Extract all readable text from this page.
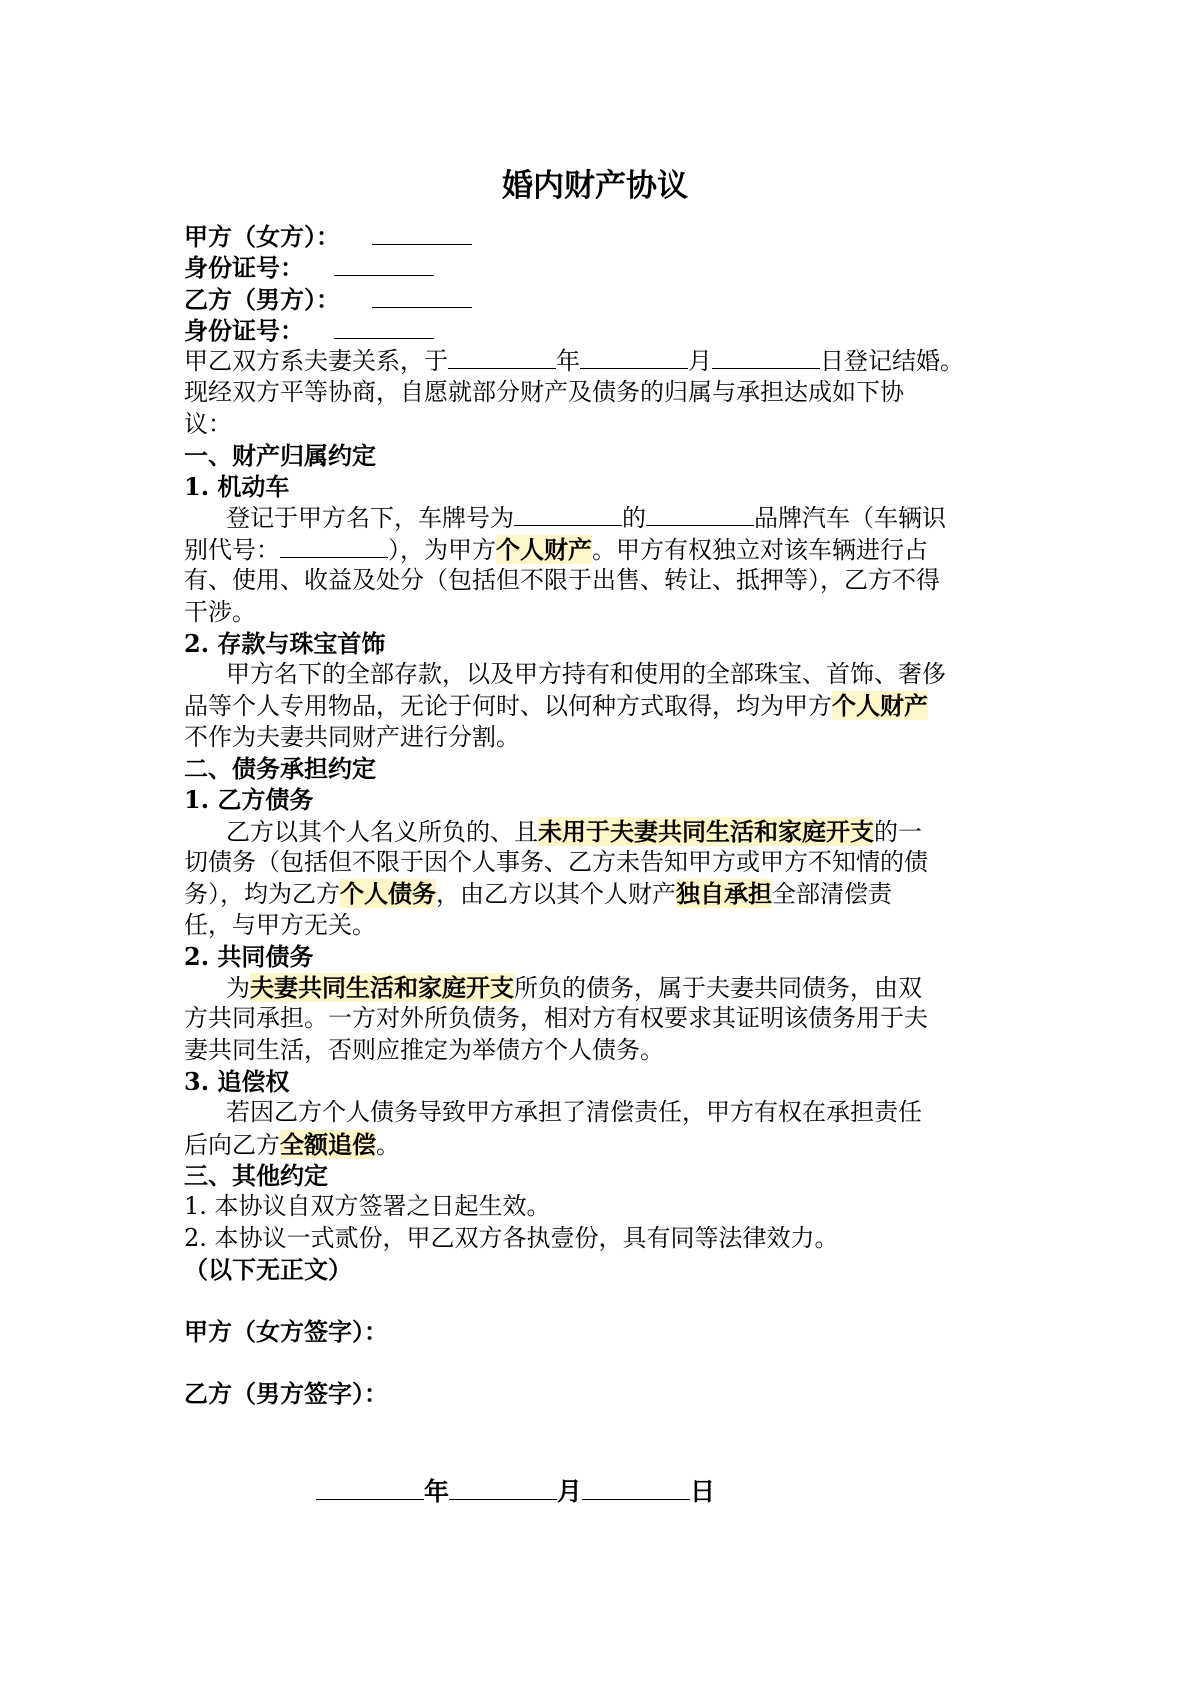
婚内财产协议
甲方（女方）：
身份证号：
乙方（男方）：
身份证号：
甲乙双方系夫妻关系，于	年	月	日登记结婚。
现经双方平等协商，自愿就部分财产及债务的归属与承担达成如下协
议：
一、财产归属约定
1. 机动车
登记于甲方名下，车牌号为	的	品牌汽车（车辆识
别代号：	），为甲方个人财产。甲方有权独立对该车辆进行占
有、使用、收益及处分（包括但不限于出售、转让、抵押等），乙方不得
干涉。
2. 存款与珠宝首饰
甲方名下的全部存款，以及甲方持有和使用的全部珠宝、首饰、奢侈
品等个人专用物品，无论于何时、以何种方式取得，均为甲方个人财产
不作为夫妻共同财产进行分割。
二、债务承担约定
1. 乙方债务
乙方以其个人名义所负的、且未用于夫妻共同生活和家庭开支的一
切债务（包括但不限于因个人事务、乙方未告知甲方或甲方不知情的债
务），均为乙方个人债务，由乙方以其个人财产独自承担全部清偿责
任，与甲方无关。
2. 共同债务
为夫妻共同生活和家庭开支所负的债务，属于夫妻共同债务，由双
方共同承担。一方对外所负债务，相对方有权要求其证明该债务用于夫
妻共同生活，否则应推定为举债方个人债务。
3. 追偿权
若因乙方个人债务导致甲方承担了清偿责任，甲方有权在承担责任
后向乙方全额追偿。
三、其他约定
1. 本协议自双方签署之日起生效。
2. 本协议一式贰份，甲乙双方各执壹份，具有同等法律效力。
（以下无正文）
甲方（女方签字）：
乙方（男方签字）：
年	月	日
